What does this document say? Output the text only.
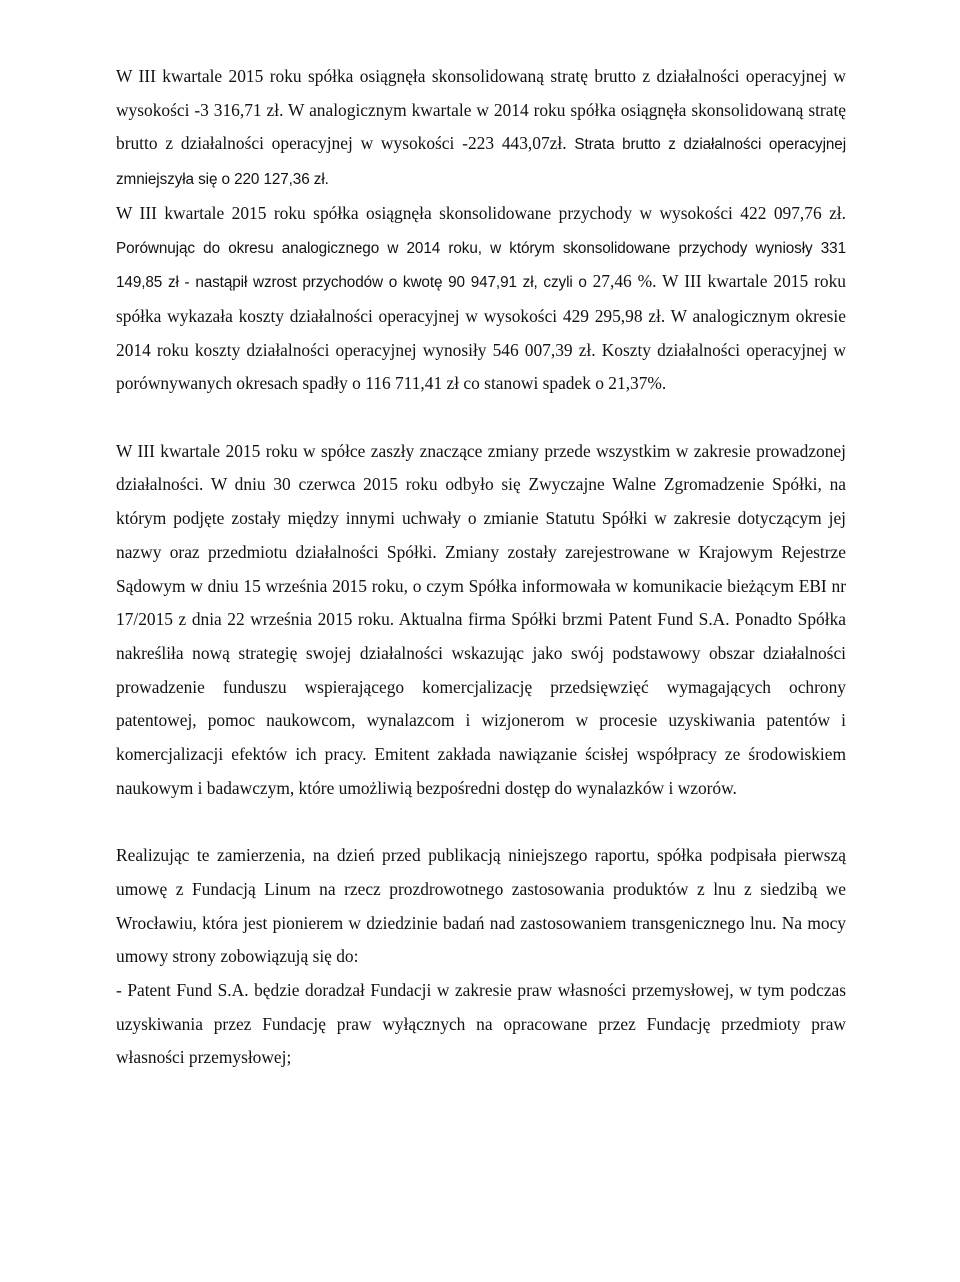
W III kwartale 2015 roku spółka osiągnęła skonsolidowaną stratę brutto z działalności operacyjnej w wysokości -3 316,71 zł. W analogicznym kwartale w 2014 roku spółka osiągnęła skonsolidowaną stratę brutto z działalności operacyjnej w wysokości -223 443,07zł. Strata brutto z działalności operacyjnej zmniejszyła się o 220 127,36 zł.

W III kwartale 2015 roku spółka osiągnęła skonsolidowane przychody w wysokości 422 097,76 zł. Porównując do okresu analogicznego w 2014 roku, w którym skonsolidowane przychody wyniosły 331 149,85 zł - nastąpił wzrost przychodów o kwotę 90 947,91 zł, czyli o 27,46 %. W III kwartale 2015 roku spółka wykazała koszty działalności operacyjnej w wysokości 429 295,98 zł. W analogicznym okresie 2014 roku koszty działalności operacyjnej wynosiły 546 007,39 zł. Koszty działalności operacyjnej w porównywanych okresach spadły o 116 711,41 zł co stanowi spadek o 21,37%.

W III kwartale 2015 roku w spółce zaszły znaczące zmiany przede wszystkim w zakresie prowadzonej działalności. W dniu 30 czerwca 2015 roku odbyło się Zwyczajne Walne Zgromadzenie Spółki, na którym podjęte zostały między innymi uchwały o zmianie Statutu Spółki w zakresie dotyczącym jej nazwy oraz przedmiotu działalności Spółki. Zmiany zostały zarejestrowane w Krajowym Rejestrze Sądowym w dniu 15 września 2015 roku, o czym Spółka informowała w komunikacie bieżącym EBI nr 17/2015 z dnia 22 września 2015 roku. Aktualna firma Spółki brzmi Patent Fund S.A. Ponadto Spółka nakreśliła nową strategię swojej działalności wskazując jako swój podstawowy obszar działalności prowadzenie funduszu wspierającego komercjalizację przedsięwzięć wymagających ochrony patentowej, pomoc naukowcom, wynalazcom i wizjonerom w procesie uzyskiwania patentów i komercjalizacji efektów ich pracy. Emitent zakłada nawiązanie ścisłej współpracy ze środowiskiem naukowym i badawczym, które umożliwią bezpośredni dostęp do wynalazków i wzorów.

Realizując te zamierzenia, na dzień przed publikacją niniejszego raportu, spółka podpisała pierwszą umowę z Fundacją Linum na rzecz prozdrowotnego zastosowania produktów z lnu z siedzibą we Wrocławiu, która jest pionierem w dziedzinie badań nad zastosowaniem transgenicznego lnu. Na mocy umowy strony zobowiązują się do:

- Patent Fund S.A. będzie doradzał Fundacji w zakresie praw własności przemysłowej, w tym podczas uzyskiwania przez Fundację praw wyłącznych na opracowane przez Fundację przedmioty praw własności przemysłowej;
